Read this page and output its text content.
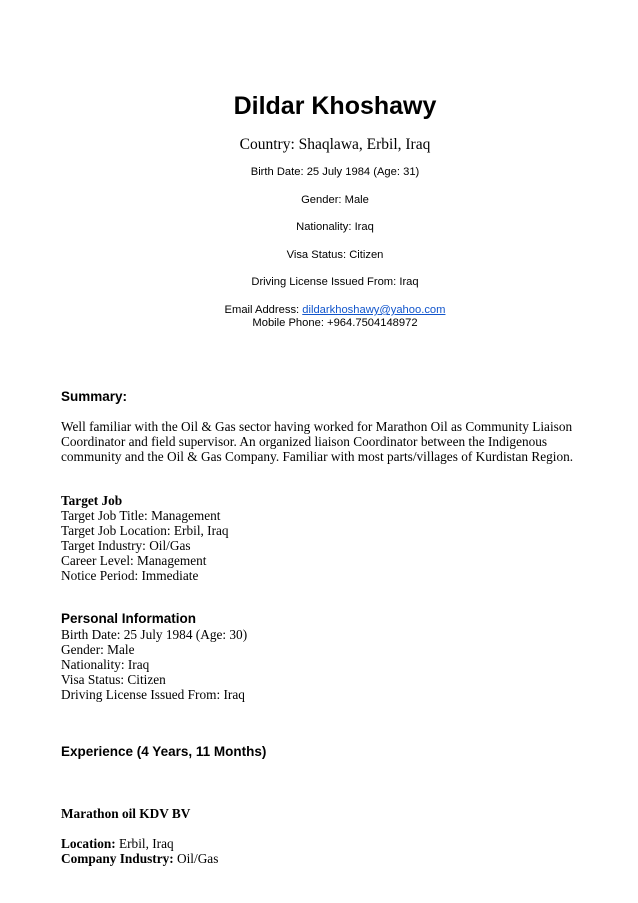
Dildar Khoshawy
Country: Shaqlawa, Erbil, Iraq
Birth Date: 25 July 1984 (Age: 31)
Gender: Male
Nationality: Iraq
Visa Status: Citizen
Driving License Issued From: Iraq
Email Address: dildarkhoshawy@yahoo.com
Mobile Phone: +964.7504148972
Summary:
Well familiar with the Oil & Gas sector having worked for Marathon Oil as Community Liaison Coordinator and field supervisor. An organized liaison Coordinator between the Indigenous community and the Oil & Gas Company. Familiar with most parts/villages of Kurdistan Region.
Target Job
Target Job Title: Management
Target Job Location: Erbil, Iraq
Target Industry: Oil/Gas
Career Level: Management
Notice Period: Immediate
Personal Information
Birth Date: 25 July 1984 (Age: 30)
Gender: Male
Nationality: Iraq
Visa Status: Citizen
Driving License Issued From: Iraq
Experience (4 Years, 11 Months)
Marathon oil KDV BV
Location: Erbil, Iraq
Company Industry: Oil/Gas
